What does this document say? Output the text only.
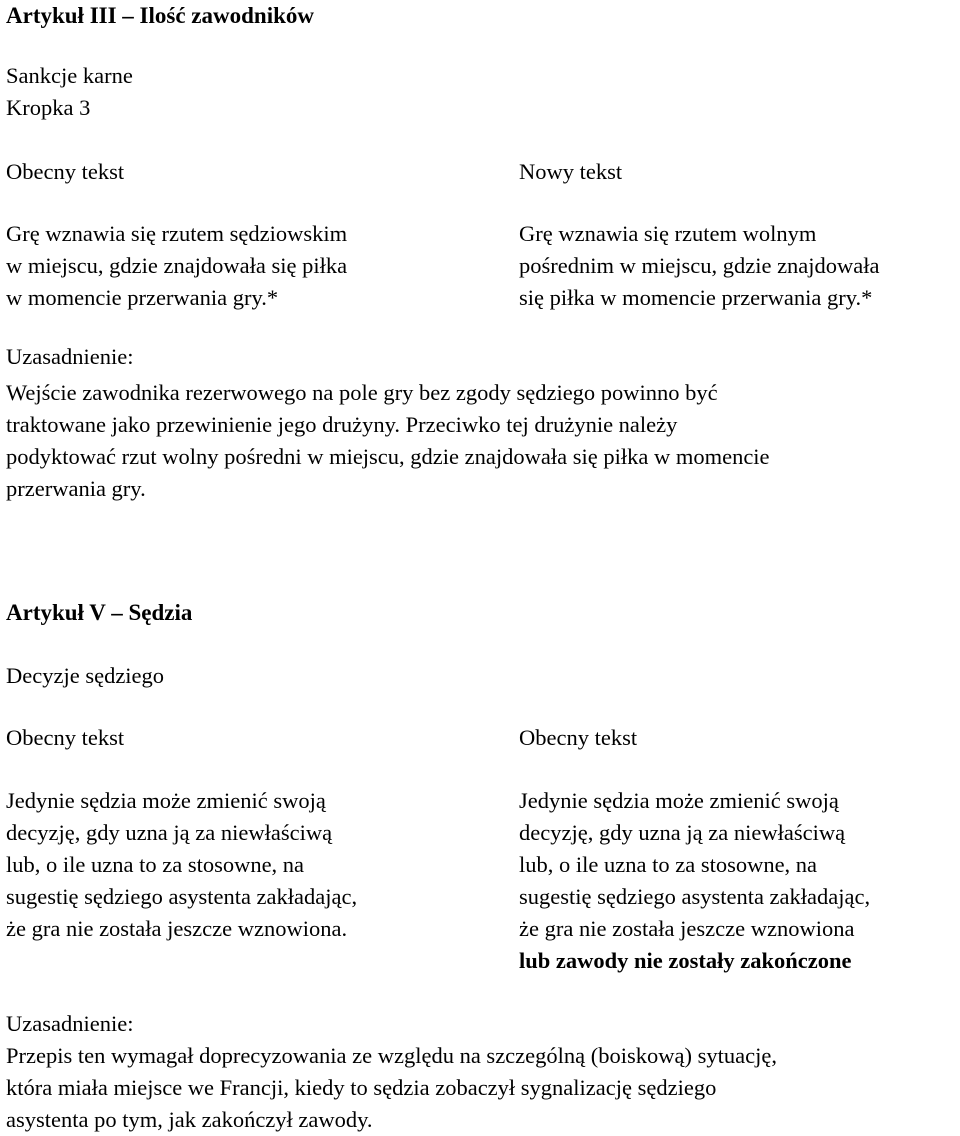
Artykuł III – Ilość zawodników
Sankcje karne
Kropka 3
Obecny tekst	Nowy tekst
Grę wznawia się rzutem sędziowskim
w miejscu, gdzie znajdowała się piłka
w momencie przerwania gry.*
Grę wznawia się rzutem wolnym
pośrednim w miejscu, gdzie znajdowała
się piłka w momencie przerwania gry.*
Uzasadnienie:
Wejście zawodnika rezerwowego na pole gry bez zgody sędziego powinno być
traktowane jako przewinienie jego drużyny. Przeciwko tej drużynie należy
podyktować rzut wolny pośredni w miejscu, gdzie znajdowała się piłka w momencie
przerwania gry.
Artykuł V – Sędzia
Decyzje sędziego
Obecny tekst	Obecny tekst
Jedynie sędzia może zmienić swoją
decyzję, gdy uzna ją za niewłaściwą
lub, o ile uzna to za stosowne, na
sugestię sędziego asystenta zakładając,
że gra nie została jeszcze wznowiona.
Jedynie sędzia może zmienić swoją
decyzję, gdy uzna ją za niewłaściwą
lub, o ile uzna to za stosowne, na
sugestię sędziego asystenta zakładając,
że gra nie została jeszcze wznowiona
lub zawody nie zostały zakończone
Uzasadnienie:
Przepis ten wymagał doprecyzowania ze względu na szczególną (boiskową) sytuację,
która miała miejsce we Francji, kiedy to sędzia zobaczył sygnalizację sędziego
asystenta po tym, jak zakończył zawody.
